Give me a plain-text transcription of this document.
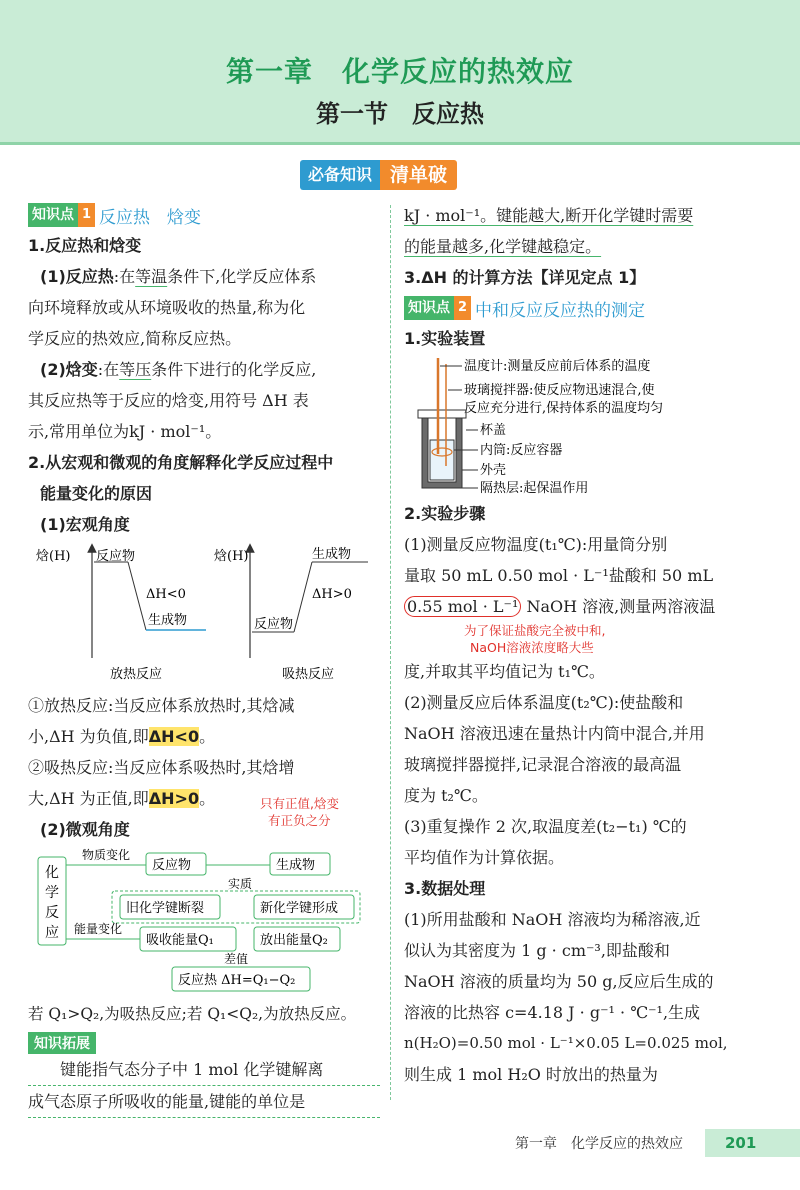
第一章　化学反应的热效应
第一节　反应热
必备知识 清单破
知识点 1 反应热　焓变

1.反应热和焓变

(1)反应热:在等温条件下,化学反应体系

向环境释放或从环境吸收的热量,称为化

学反应的热效应,简称反应热。

(2)焓变:在等压条件下进行的化学反应,

其反应热等于反应的焓变,用符号 ΔH 表

示,常用单位为kJ · mol⁻¹。

2.从宏观和微观的角度解释化学反应过程中

能量变化的原因

(1)宏观角度

焓(H) 反应物
生成物
ΔH<0
放热反应
焓(H)
反应物
生成物
ΔH>0
吸热反应

①放热反应:当反应体系放热时,其焓减

小,ΔH 为负值,即ΔH<0。

②吸热反应:当反应体系吸热时,其焓增

大,ΔH 为正值,即ΔH>0。	只有正值,焓变
有正负之分

(2)微观角度

化
学
反
应
物质变化
反应物	生成物
实质
旧化学键断裂	新化学键形成
能量变化
吸收能量Q₁	放出能量Q₂
差值
反应热 ΔH=Q₁−Q₂

若 Q₁>Q₂,为吸热反应;若 Q₁<Q₂,为放热反应。

知识拓展

　　键能指气态分子中 1 mol 化学键解离

成气态原子所吸收的能量,键能的单位是

kJ · mol⁻¹。键能越大,断开化学键时需要

的能量越多,化学键越稳定。

3.ΔH 的计算方法【详见定点 1】

知识点 2 中和反应反应热的测定

1.实验装置

温度计:测量反应前后体系的温度
玻璃搅拌器:使反应物迅速混合,使
反应充分进行,保持体系的温度均匀
杯盖
内筒:反应容器
外壳
隔热层:起保温作用

2.实验步骤

(1)测量反应物温度(t₁℃):用量筒分别

量取 50 mL 0.50 mol · L⁻¹盐酸和 50 mL

0.55 mol · L⁻¹ NaOH 溶液,测量两溶液温

为了保证盐酸完全被中和,
NaOH溶液浓度略大些

度,并取其平均值记为 t₁℃。

(2)测量反应后体系温度(t₂℃):使盐酸和

NaOH 溶液迅速在量热计内筒中混合,并用

玻璃搅拌器搅拌,记录混合溶液的最高温

度为 t₂℃。

(3)重复操作 2 次,取温度差(t₂−t₁) ℃的

平均值作为计算依据。

3.数据处理

(1)所用盐酸和 NaOH 溶液均为稀溶液,近

似认为其密度为 1 g · cm⁻³,即盐酸和

NaOH 溶液的质量均为 50 g,反应后生成的

溶液的比热容 c=4.18 J · g⁻¹ · ℃⁻¹,生成

n(H₂O)=0.50 mol · L⁻¹×0.05 L=0.025 mol,

则生成 1 mol H₂O 时放出的热量为

第一章　化学反应的热效应	201
